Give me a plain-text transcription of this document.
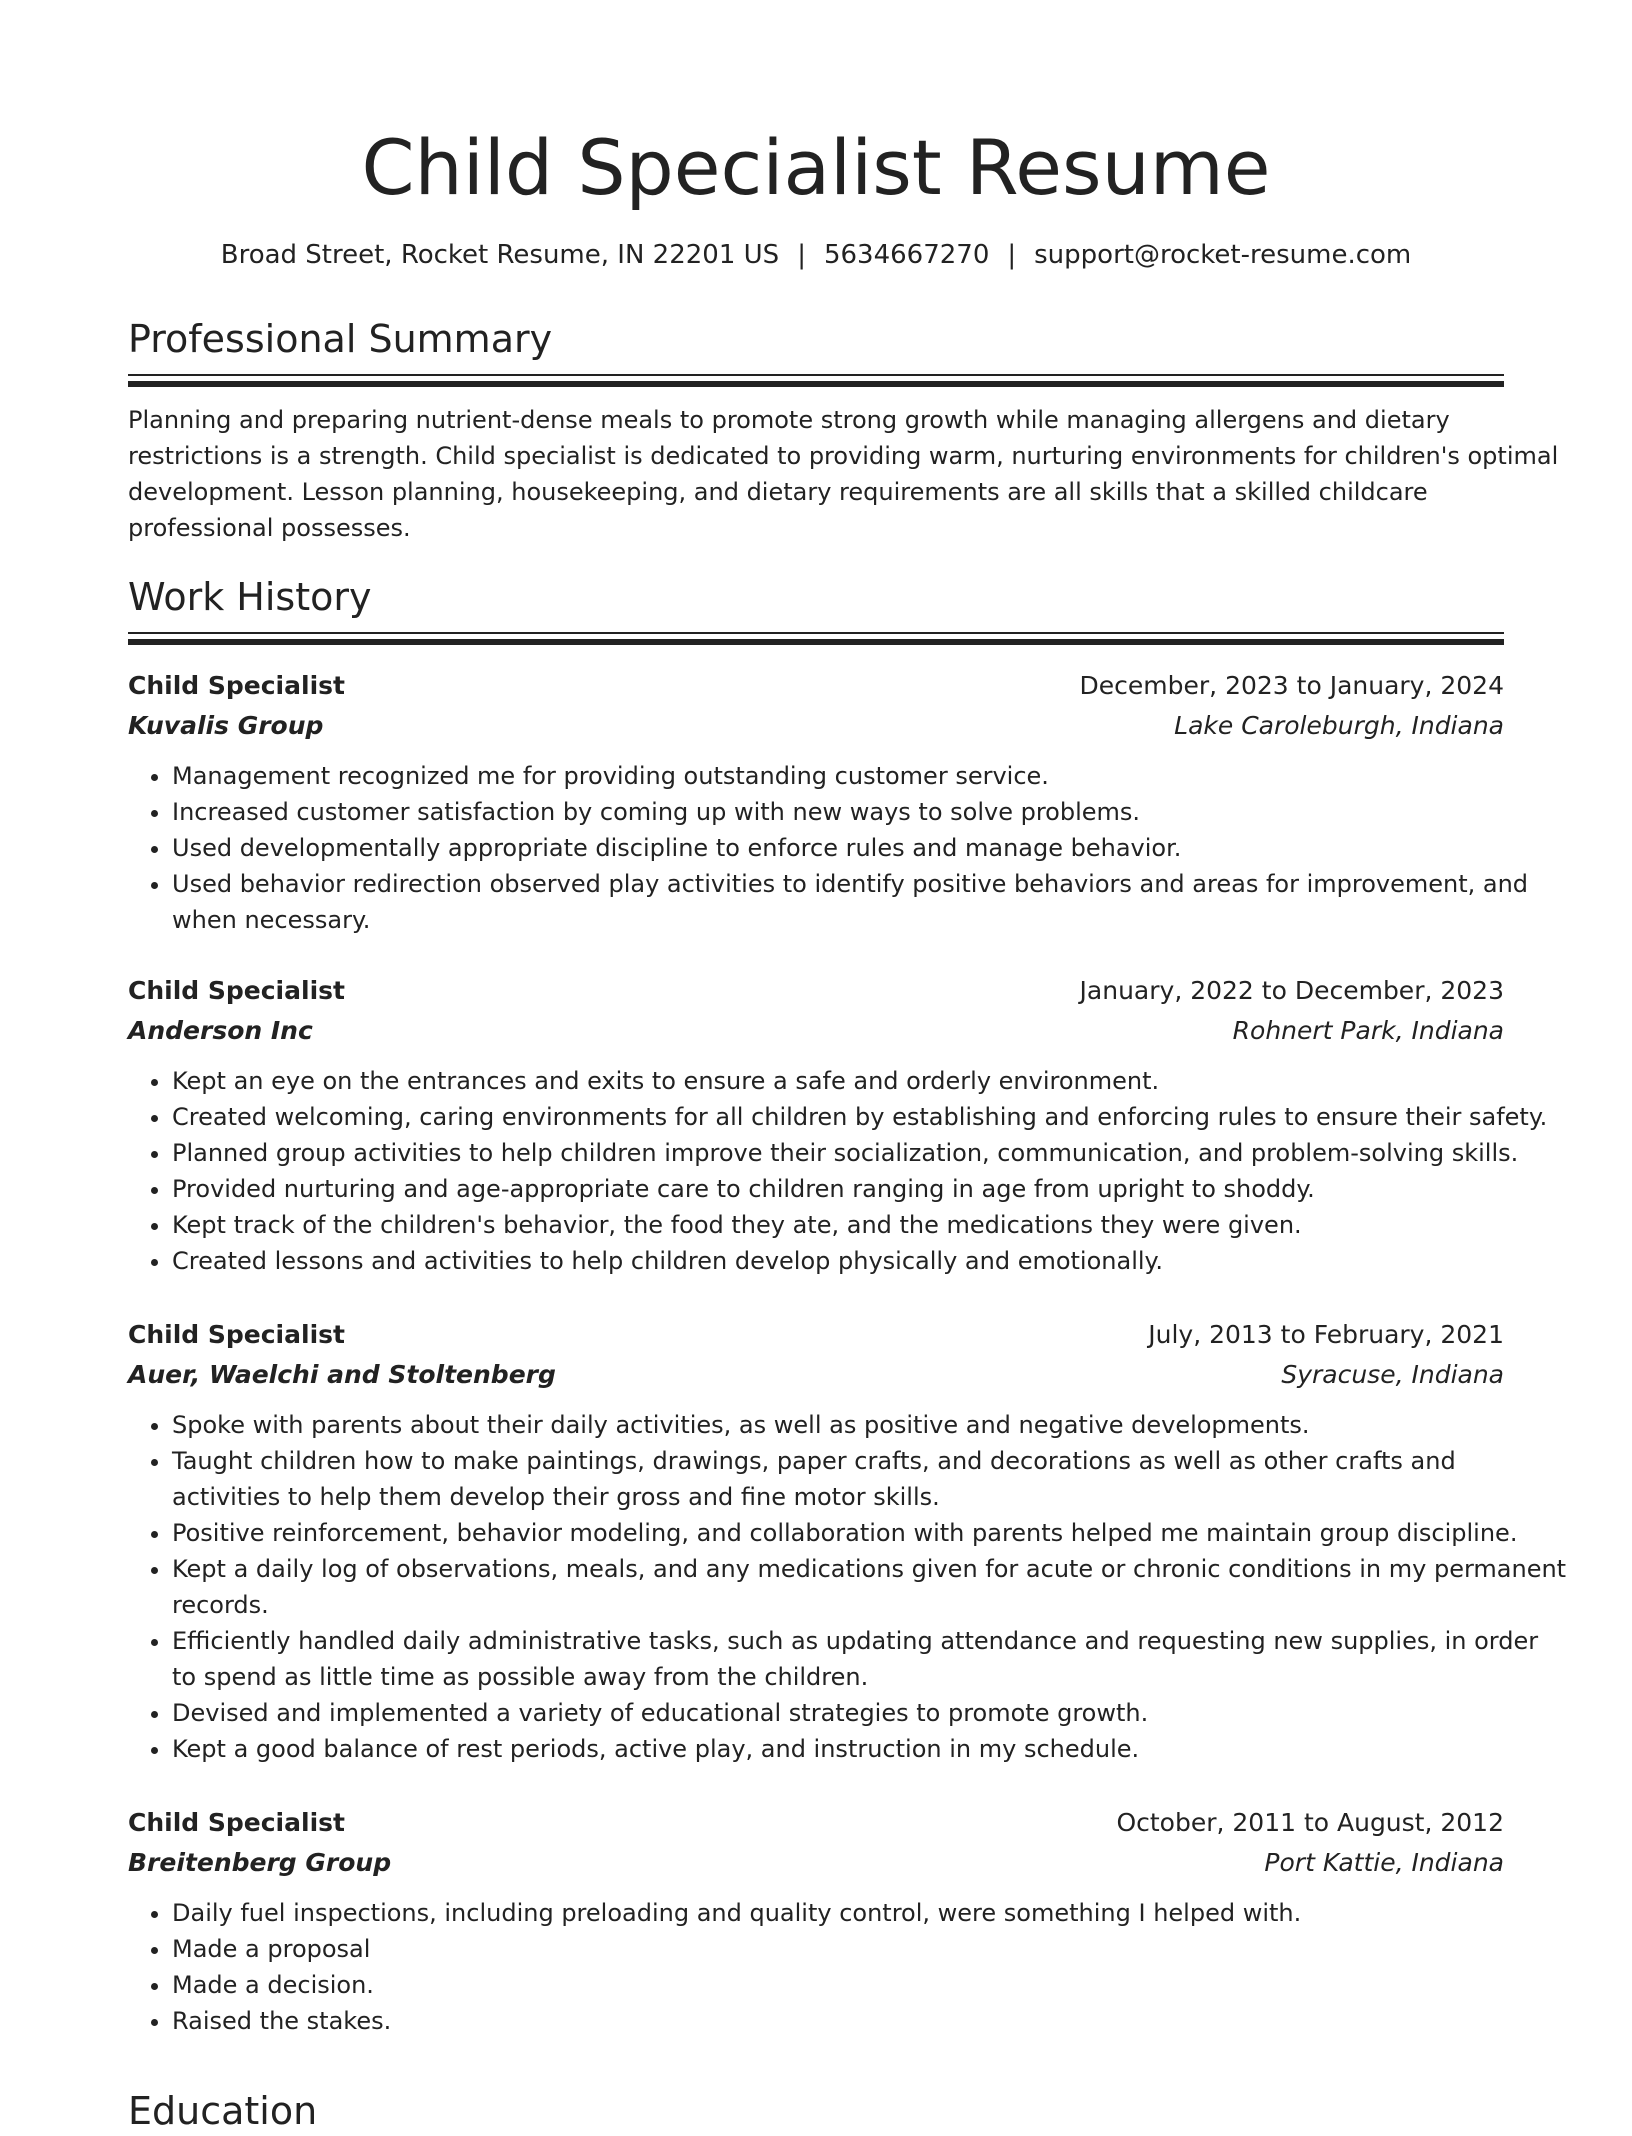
Child Specialist Resume
Broad Street, Rocket Resume, IN 22201 US | 5634667270 | support@rocket-resume.com
Professional Summary
Planning and preparing nutrient-dense meals to promote strong growth while managing allergens and dietary
restrictions is a strength. Child specialist is dedicated to providing warm, nurturing environments for children's optimal
development. Lesson planning, housekeeping, and dietary requirements are all skills that a skilled childcare
professional possesses.
Work History
Child Specialist	December, 2023 to January, 2024
Kuvalis Group	Lake Caroleburgh, Indiana
• Management recognized me for providing outstanding customer service.
• Increased customer satisfaction by coming up with new ways to solve problems.
• Used developmentally appropriate discipline to enforce rules and manage behavior.
• Used behavior redirection observed play activities to identify positive behaviors and areas for improvement, and
when necessary.
Child Specialist	January, 2022 to December, 2023
Anderson Inc	Rohnert Park, Indiana
• Kept an eye on the entrances and exits to ensure a safe and orderly environment.
• Created welcoming, caring environments for all children by establishing and enforcing rules to ensure their safety.
• Planned group activities to help children improve their socialization, communication, and problem-solving skills.
• Provided nurturing and age-appropriate care to children ranging in age from upright to shoddy.
• Kept track of the children's behavior, the food they ate, and the medications they were given.
• Created lessons and activities to help children develop physically and emotionally.
Child Specialist	July, 2013 to February, 2021
Auer, Waelchi and Stoltenberg	Syracuse, Indiana
• Spoke with parents about their daily activities, as well as positive and negative developments.
• Taught children how to make paintings, drawings, paper crafts, and decorations as well as other crafts and
activities to help them develop their gross and fine motor skills.
• Positive reinforcement, behavior modeling, and collaboration with parents helped me maintain group discipline.
• Kept a daily log of observations, meals, and any medications given for acute or chronic conditions in my permanent
records.
• Efficiently handled daily administrative tasks, such as updating attendance and requesting new supplies, in order
to spend as little time as possible away from the children.
• Devised and implemented a variety of educational strategies to promote growth.
• Kept a good balance of rest periods, active play, and instruction in my schedule.
Child Specialist	October, 2011 to August, 2012
Breitenberg Group	Port Kattie, Indiana
• Daily fuel inspections, including preloading and quality control, were something I helped with.
• Made a proposal
• Made a decision.
• Raised the stakes.
Education
